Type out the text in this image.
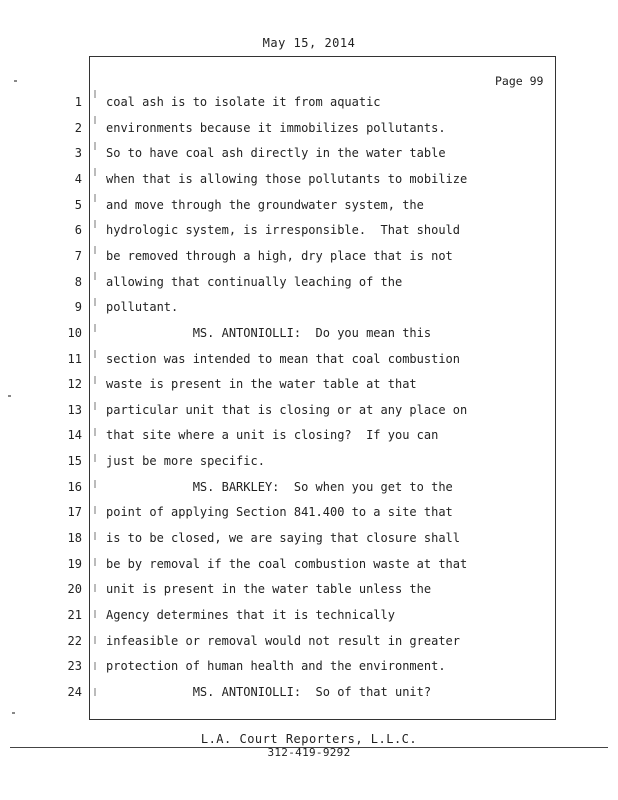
May 15, 2014
Page 99
1 coal ash is to isolate it from aquatic
2 environments because it immobilizes pollutants.
3 So to have coal ash directly in the water table
4 when that is allowing those pollutants to mobilize
5 and move through the groundwater system, the
6 hydrologic system, is irresponsible.  That should
7 be removed through a high, dry place that is not
8 allowing that continually leaching of the
9 pollutant.
10 MS. ANTONIOLLI:  Do you mean this
11 section was intended to mean that coal combustion
12 waste is present in the water table at that
13 particular unit that is closing or at any place on
14 that site where a unit is closing?  If you can
15 just be more specific.
16 MS. BARKLEY:  So when you get to the
17 point of applying Section 841.400 to a site that
18 is to be closed, we are saying that closure shall
19 be by removal if the coal combustion waste at that
20 unit is present in the water table unless the
21 Agency determines that it is technically
22 infeasible or removal would not result in greater
23 protection of human health and the environment.
24 MS. ANTONIOLLI:  So of that unit?
L.A. Court Reporters, L.L.C.
312-419-9292
